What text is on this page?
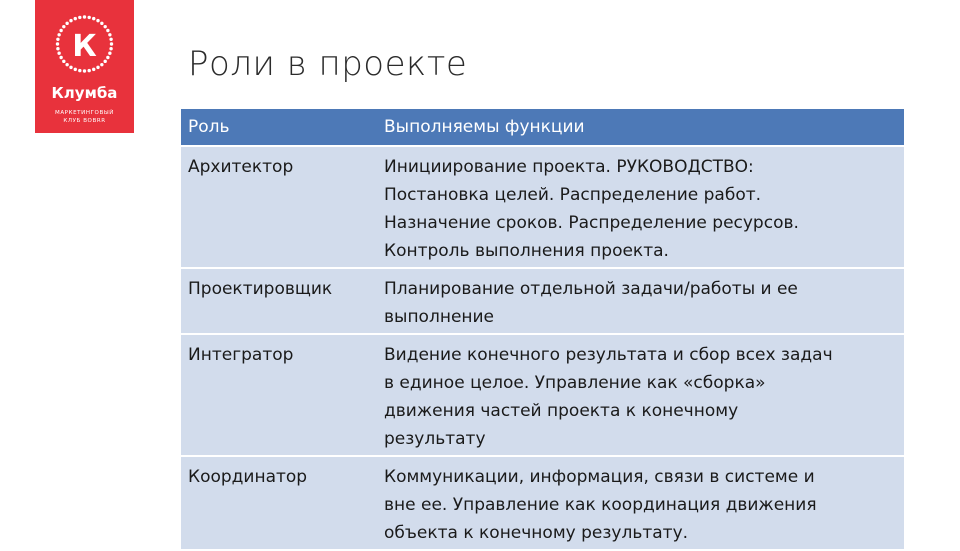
К
Клумба
МАРКЕТИНГОВЫЙ
КЛУБ BOBRR
Роли в проекте
Роль	Выполняемы функции
Архитектор	Инициирование проекта. РУКОВОДСТВО:
Постановка целей. Распределение работ.
Назначение сроков. Распределение ресурсов.
Контроль выполнения проекта.

Проектировщик	Планирование отдельной задачи/работы и ее
выполнение

Интегратор	Видение конечного результата и сбор всех задач
в единое целое. Управление как «сборка»
движения частей проекта к конечному
результату

Координатор	Коммуникации, информация, связи в системе и
вне ее. Управление как координация движения
объекта к конечному результату.
